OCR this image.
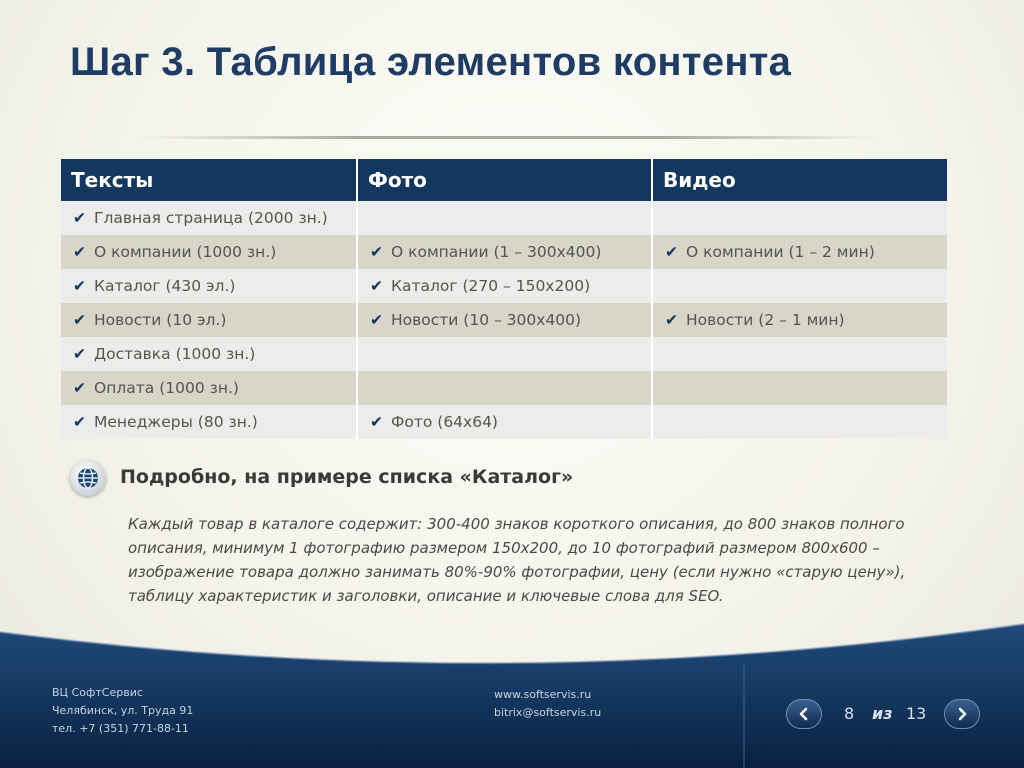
Шаг 3. Таблица элементов контента
Тексты	Фото	Видео
✔ Главная страница (2000 зн.)		
✔ О компании (1000 зн.)	✔ О компании (1 – 300х400)	✔ О компании (1 – 2 мин)
✔ Каталог (430 эл.)	✔ Каталог (270 – 150х200)	
✔ Новости (10 эл.)	✔ Новости (10 – 300х400)	✔ Новости (2 – 1 мин)
✔ Доставка (1000 зн.)		
✔ Оплата (1000 зн.)		
✔ Менеджеры (80 зн.)	✔ Фото (64х64)	
Подробно, на примере списка «Каталог»

Каждый товар в каталоге содержит: 300-400 знаков короткого описания, до 800 знаков полного описания, минимум 1 фотографию размером 150х200, до 10 фотографий размером 800х600 – изображение товара должно занимать 80%-90% фотографии, цену (если нужно «старую цену»), таблицу характеристик и заголовки, описание и ключевые слова для SEO.

ВЦ СофтСервис
Челябинск, ул. Труда 91
тел. +7 (351) 771-88-11
www.softservis.ru
bitrix@softservis.ru	8 из 13
